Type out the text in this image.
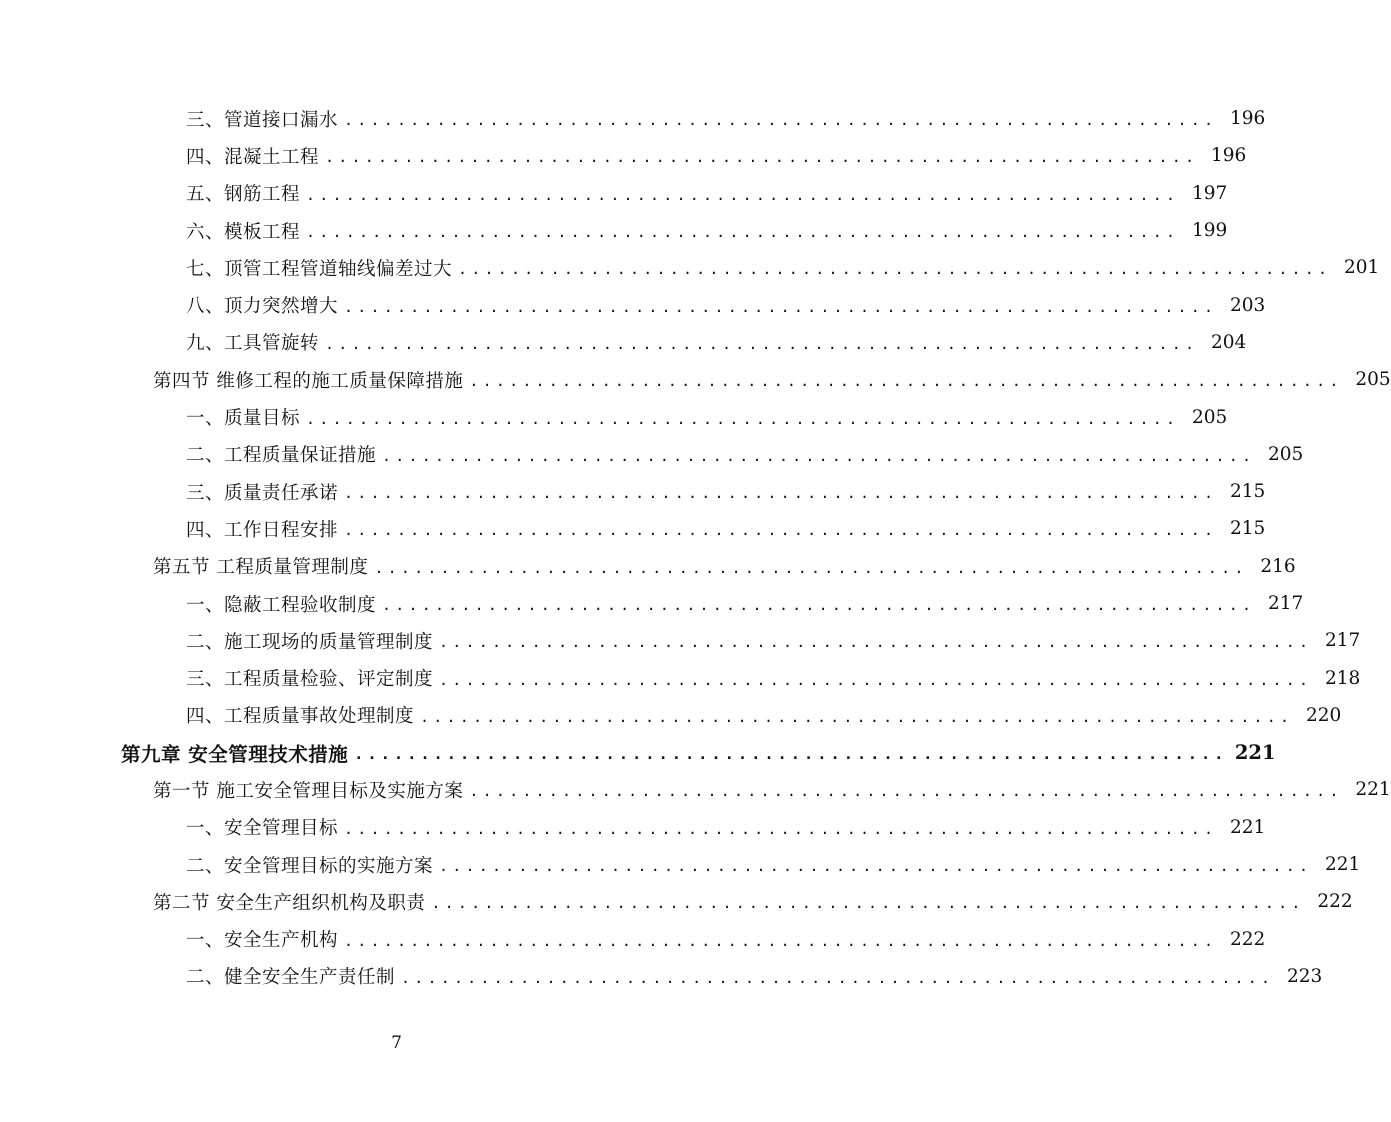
三、管道接口漏水 .................................................................. 196
四、混凝土工程 .................................................................. 196
五、钢筋工程 .................................................................. 197
六、模板工程 .................................................................. 199
七、顶管工程管道轴线偏差过大 .................................................................. 201
八、顶力突然增大 .................................................................. 203
九、工具管旋转 .................................................................. 204
第四节 维修工程的施工质量保障措施 .................................................................. 205
一、质量目标 .................................................................. 205
二、工程质量保证措施 .................................................................. 205
三、质量责任承诺 .................................................................. 215
四、工作日程安排 .................................................................. 215
第五节 工程质量管理制度 .................................................................. 216
一、隐蔽工程验收制度 .................................................................. 217
二、施工现场的质量管理制度 .................................................................. 217
三、工程质量检验、评定制度 .................................................................. 218
四、工程质量事故处理制度 .................................................................. 220
第九章 安全管理技术措施 .................................................................. 221
第一节 施工安全管理目标及实施方案 .................................................................. 221
一、安全管理目标 .................................................................. 221
二、安全管理目标的实施方案 .................................................................. 221
第二节 安全生产组织机构及职责 .................................................................. 222
一、安全生产机构 .................................................................. 222
二、健全安全生产责任制 .................................................................. 223
7
